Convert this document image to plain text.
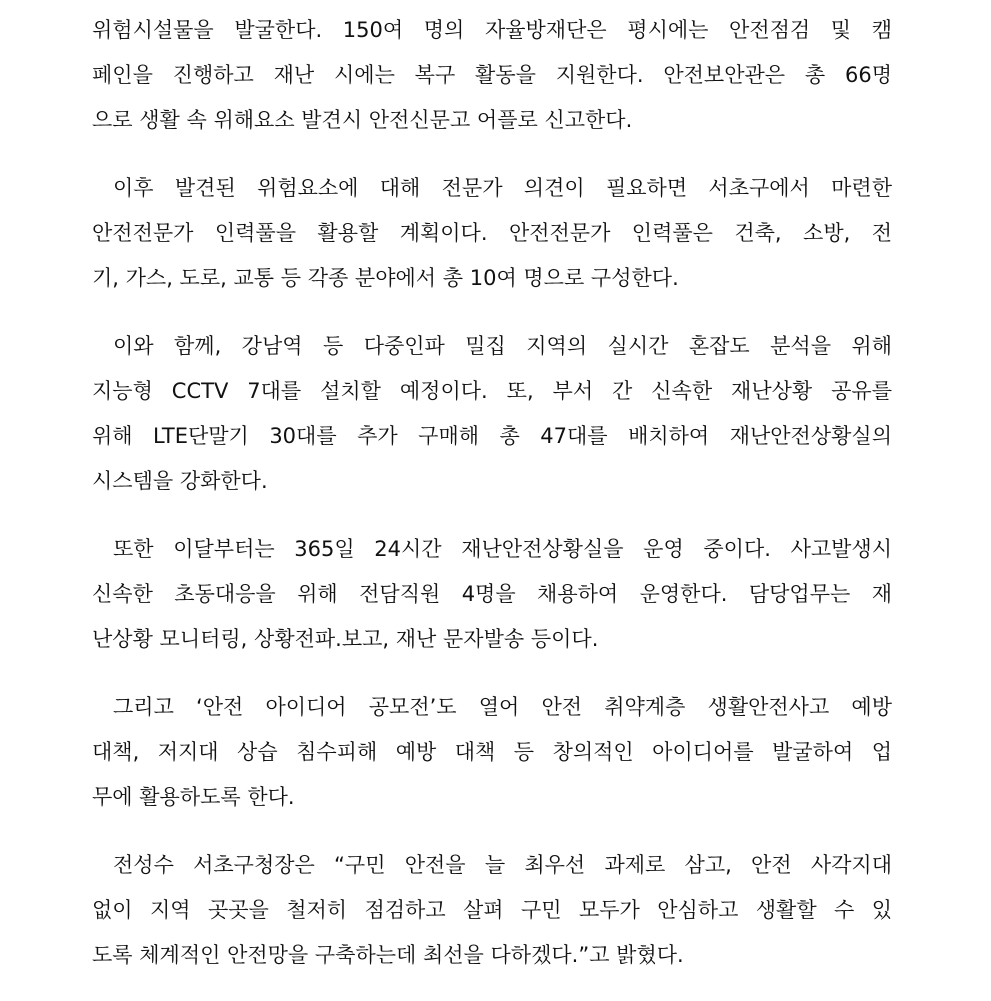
위험시설물을 발굴한다. 150여 명의 자율방재단은 평시에는 안전점검 및 캠
페인을 진행하고 재난 시에는 복구 활동을 지원한다. 안전보안관은 총 66명
으로 생활 속 위해요소 발견시 안전신문고 어플로 신고한다.
이후 발견된 위험요소에 대해 전문가 의견이 필요하면 서초구에서 마련한
안전전문가 인력풀을 활용할 계획이다. 안전전문가 인력풀은 건축, 소방, 전
기, 가스, 도로, 교통 등 각종 분야에서 총 10여 명으로 구성한다.
이와 함께, 강남역 등 다중인파 밀집 지역의 실시간 혼잡도 분석을 위해
지능형 CCTV 7대를 설치할 예정이다. 또, 부서 간 신속한 재난상황 공유를
위해 LTE단말기 30대를 추가 구매해 총 47대를 배치하여 재난안전상황실의
시스템을 강화한다.
또한 이달부터는 365일 24시간 재난안전상황실을 운영 중이다. 사고발생시
신속한 초동대응을 위해 전담직원 4명을 채용하여 운영한다. 담당업무는 재
난상황 모니터링, 상황전파.보고, 재난 문자발송 등이다.
그리고 ‘안전 아이디어 공모전’도 열어 안전 취약계층 생활안전사고 예방
대책, 저지대 상습 침수피해 예방 대책 등 창의적인 아이디어를 발굴하여 업
무에 활용하도록 한다.
전성수 서초구청장은 “구민 안전을 늘 최우선 과제로 삼고, 안전 사각지대
없이 지역 곳곳을 철저히 점검하고 살펴 구민 모두가 안심하고 생활할 수 있
도록 체계적인 안전망을 구축하는데 최선을 다하겠다.”고 밝혔다.
